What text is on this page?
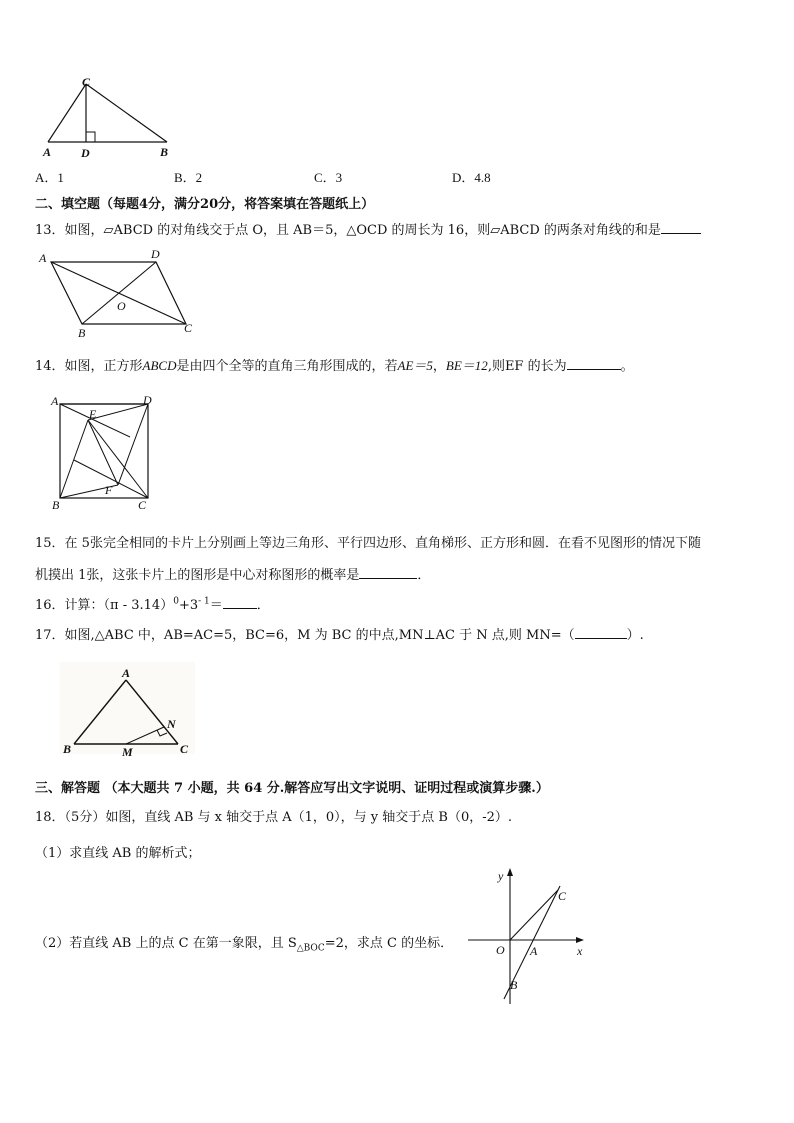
C
A D	B
A．1	B．2	C．3	D．4.8
二、填空题（每题4分，满分20分，将答案填在答题纸上）
13．如图，▱ABCD 的对角线交于点 O，且 AB＝5，△OCD 的周长为 16，则▱ABCD 的两条对角线的和是
A	D
O
B	C
14．如图，正方形ABCD是由四个全等的直角三角形围成的，若AE＝5，BE＝12,则EF 的长为	。
A
E
D
F
B	C
15．在 5张完全相同的卡片上分别画上等边三角形、平行四边形、直角梯形、正方形和圆．在看不见图形的情况下随
机摸出 1张，这张卡片上的图形是中心对称图形的概率是	．
16．计算：$(\pi - 3.14)^0+3^{- 1}=$	．
17．如图,△ABC 中，AB=AC=5，BC=6，M 为 BC 的中点,MN⊥AC 于 N 点,则 MN=（	）.
A
N
B	M	C
三、解答题 （本大题共 7 小题，共 64 分.解答应写出文字说明、证明过程或演算步骤.）
18．（5分）如图，直线 AB 与 x 轴交于点 A（1，0），与 y 轴交于点 B（0，-2）.
（1）求直线 AB 的解析式；
（2）若直线 AB 上的点 C 在第一象限，且 $S_{\triangle BOC}=2$，求点 C 的坐标．
y
C
O A	x
B
